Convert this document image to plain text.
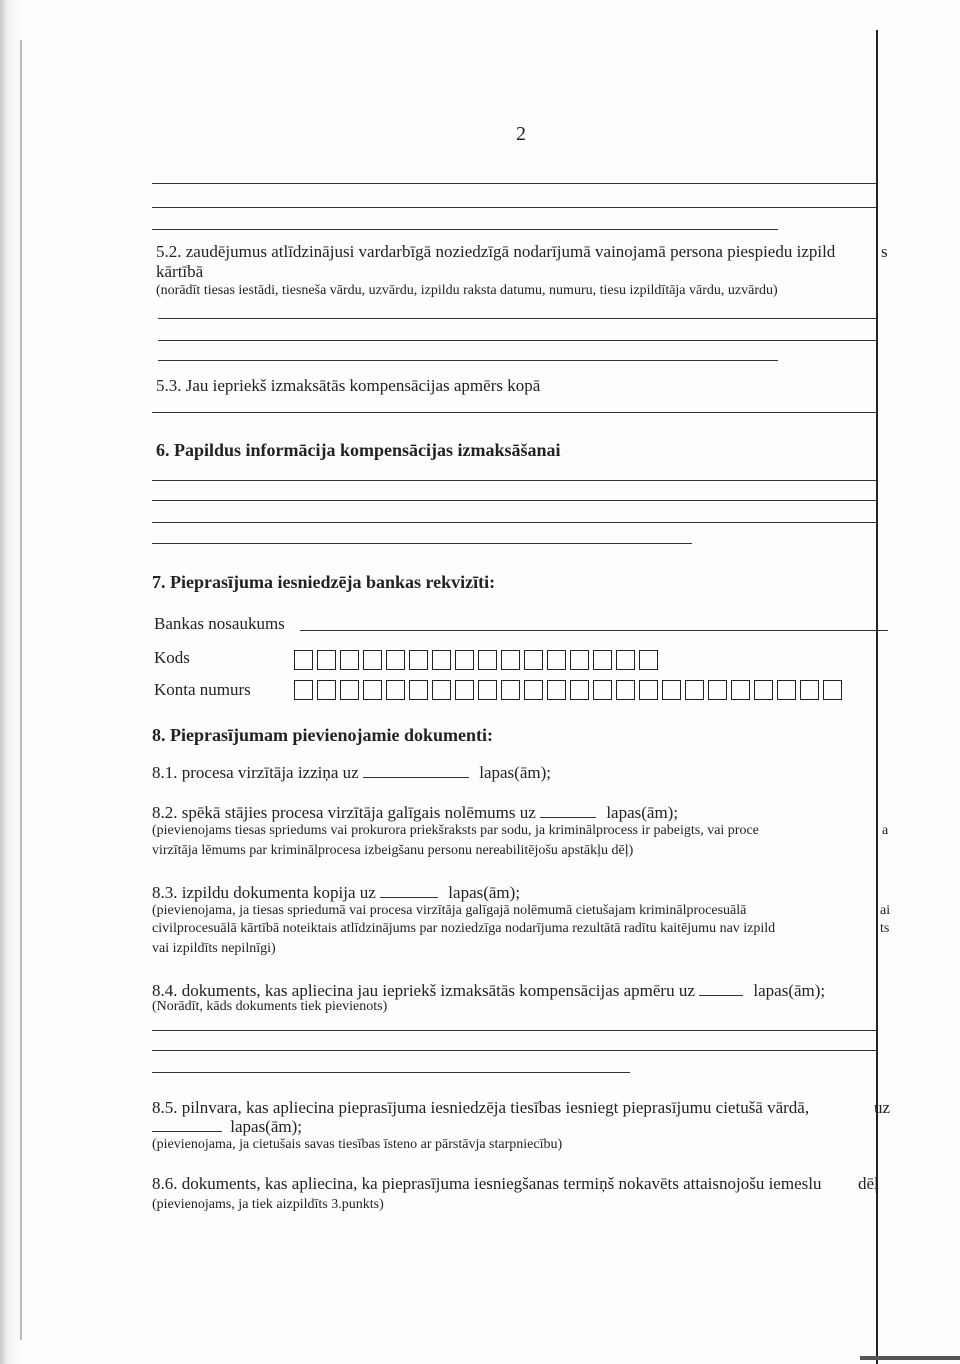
2
5.2. zaudējumus atlīdzinājusi vardarbīgā noziedzīgā nodarījumā vainojamā persona piespiedu izpild	s
kārtībā
(norādīt tiesas iestādi, tiesneša vārdu, uzvārdu, izpildu raksta datumu, numuru, tiesu izpildītāja vārdu, uzvārdu)
5.3. Jau iepriekš izmaksātās kompensācijas apmērs kopā
6. Papildus informācija kompensācijas izmaksāšanai
7. Pieprasījuma iesniedzēja bankas rekvizīti:
Bankas nosaukums
Kods
Konta numurs
8. Pieprasījumam pievienojamie dokumenti:
8.1. procesa virzītāja izziņa uz	lapas(ām);
8.2. spēkā stājies procesa virzītāja galīgais nolēmums uz	lapas(ām);
(pievienojams tiesas spriedums vai prokurora priekšraksts par sodu, ja kriminālprocess ir pabeigts, vai proce	a
virzītāja lēmums par kriminālprocesa izbeigšanu personu nereabilitējošu apstākļu dēļ)
8.3. izpildu dokumenta kopija uz	lapas(ām);
(pievienojama, ja tiesas spriedumā vai procesa virzītāja galīgajā nolēmumā cietušajam kriminālprocesuālā	ai
civilprocesuālā kārtībā noteiktais atlīdzinājums par noziedzīga nodarījuma rezultātā radītu kaitējumu nav izpild	ts
vai izpildīts nepilnīgi)
8.4. dokuments, kas apliecina jau iepriekš izmaksātās kompensācijas apmēru uz	lapas(ām);
(Norādīt, kāds dokuments tiek pievienots)
8.5. pilnvara, kas apliecina pieprasījuma iesniedzēja tiesības iesniegt pieprasījumu cietušā vārdā,	uz
lapas(ām);
(pievienojama, ja cietušais savas tiesības īsteno ar pārstāvja starpniecību)
8.6. dokuments, kas apliecina, ka pieprasījuma iesniegšanas termiņš nokavēts attaisnojošu iemeslu dēļ
(pievienojams, ja tiek aizpildīts 3.punkts)
